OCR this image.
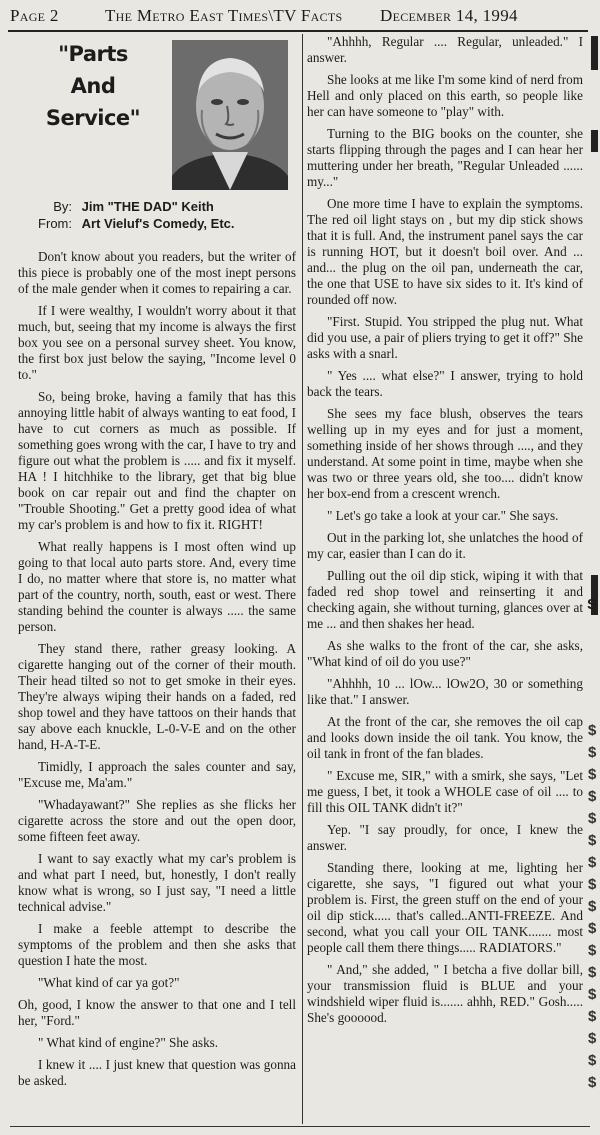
Page 2	The Metro East Times\TV Facts December 14, 1994
"Parts
And
Service"
By: Jim "THE DAD" Keith
From: Art Vieluf's Comedy, Etc.

Don't know about you readers, but the writer of this piece is probably one of the most inept persons of the male gender when it comes to repairing a car.

If I were wealthy, I wouldn't worry about it that much, but, seeing that my income is always the first box you see on a personal survey sheet. You know, the first box just below the saying, "Income level 0 to."

So, being broke, having a family that has this annoying little habit of always wanting to eat food, I have to cut corners as much as possible. If something goes wrong with the car, I have to try and figure out what the problem is ..... and fix it myself. HA ! I hitchhike to the library, get that big blue book on car repair out and find the chapter on "Trouble Shooting." Get a pretty good idea of what my car's problem is and how to fix it. RIGHT!

What really happens is I most often wind up going to that local auto parts store. And, every time I do, no matter where that store is, no matter what part of the country, north, south, east or west. There standing behind the counter is always ..... the same person.

They stand there, rather greasy looking. A cigarette hanging out of the corner of their mouth. Their head tilted so not to get smoke in their eyes. They're always wiping their hands on a faded, red shop towel and they have tattoos on their hands that say above each knuckle, L-0-V-E and on the other hand, H-A-T-E.

Timidly, I approach the sales counter and say, "Excuse me, Ma'am."

"Whadayawant?" She replies as she flicks her cigarette across the store and out the open door, some fifteen feet away.

I want to say exactly what my car's problem is and what part I need, but, honestly, I don't really know what is wrong, so I just say, "I need a little technical advise."

I make a feeble attempt to describe the symptoms of the problem and then she asks that question I hate the most.

"What kind of car ya got?"

Oh, good, I know the answer to that one and I tell her, "Ford."

" What kind of engine?" She asks.

I knew it .... I just knew that question was gonna be asked.

"Ahhhh, Regular .... Regular, unleaded." I answer.

She looks at me like I'm some kind of nerd from Hell and only placed on this earth, so people like her can have someone to "play" with.

Turning to the BIG books on the counter, she starts flipping through the pages and I can hear her muttering under her breath, "Regular Unleaded ...... my..."

One more time I have to explain the symptoms. The red oil light stays on , but my dip stick shows that it is full. And, the instrument panel says the car is running HOT, but it doesn't boil over. And ... and... the plug on the oil pan, underneath the car, the one that USE to have six sides to it. It's kind of rounded off now.

"First. Stupid. You stripped the plug nut. What did you use, a pair of pliers trying to get it off?" She asks with a snarl.

" Yes .... what else?" I answer, trying to hold back the tears.

She sees my face blush, observes the tears welling up in my eyes and for just a moment, something inside of her shows through ...., and they understand. At some point in time, maybe when she was two or three years old, she too.... didn't know her box-end from a crescent wrench.

" Let's go take a look at your car." She says.

Out in the parking lot, she unlatches the hood of my car, easier than I can do it.

Pulling out the oil dip stick, wiping it with that faded red shop towel and reinserting it and checking again, she without turning, glances over at me ... and then shakes her head.

As she walks to the front of the car, she asks, "What kind of oil do you use?"

"Ahhhh, 10 ... lOw... lOw2O, 30 or something like that." I answer.

At the front of the car, she removes the oil cap and looks down inside the oil tank. You know, the oil tank in front of the fan blades.

" Excuse me, SIR," with a smirk, she says, "Let me guess, I bet, it took a WHOLE case of oil .... to fill this OIL TANK didn't it?"

Yep. "I say proudly, for once, I knew the answer.

Standing there, looking at me, lighting her cigarette, she says, "I figured out what your problem is. First, the green stuff on the end of your oil dip stick..... that's called..ANTI-FREEZE. And second, what you call your OIL TANK....... most people call them there things..... RADIATORS."

" And," she added, " I betcha a five dollar bill, your transmission fluid is BLUE and your windshield wiper fluid is....... ahhh, RED." Gosh..... She's goooood.

S
$
$
$
$
$
$
$
$
$
$
$
$
$
$
$
$
$
